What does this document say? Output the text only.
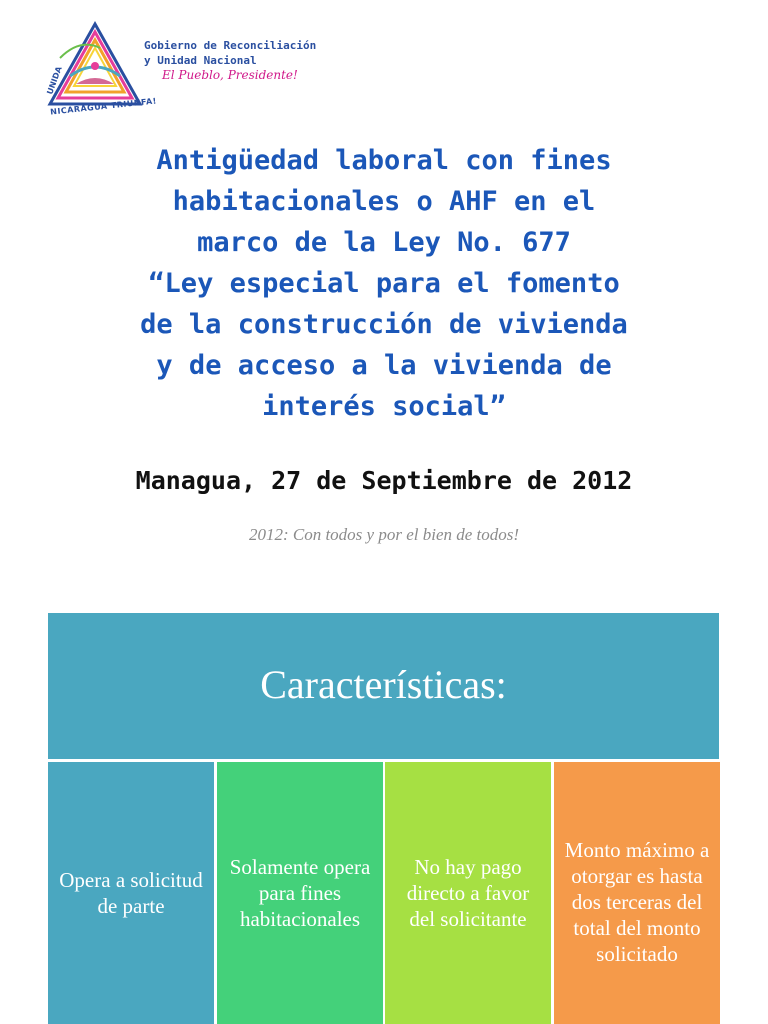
UNIDA
Gobierno de Reconciliación
y Unidad Nacional
El Pueblo, Presidente!
NICARAGUA TRIUNFA!
Antigüedad laboral con fines
habitacionales o AHF en el
marco de la Ley No. 677
“Ley especial para el fomento
de la construcción de vivienda
y de acceso a la vivienda de
interés social”
Managua, 27 de Septiembre de 2012
2012: Con todos y por el bien de todos!
Características:
Opera a solicitud de parte
Solamente opera para fines habitacionales
No hay pago directo a favor del solicitante
Monto máximo a otorgar es hasta dos terceras del total del monto solicitado
